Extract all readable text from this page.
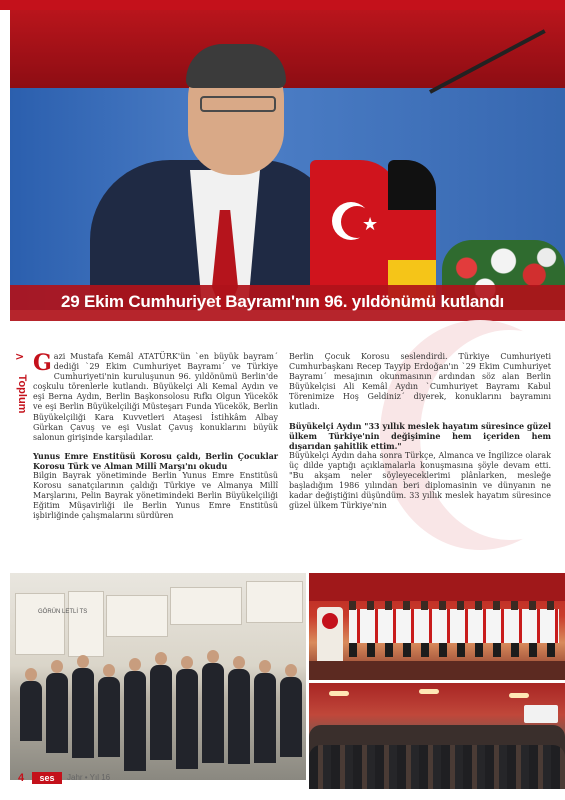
★
29 Ekim Cumhuriyet Bayramı'nın 96. yıldönümü kutlandı
>
Toplum

Gazi Mustafa Kemâl ATATÜRK'ün `en büyük bayram´ dediği `29 Ekim Cumhuriyet Bayramı´ ve Türkiye Cumhuriyeti'nin kuruluşunun 96. yıldönümü Berlin'de coşkulu törenlerle kutlandı. Büyükelçi Ali Kemal Aydın ve eşi Berna Aydın, Berlin Başkonsolosu Rıfkı Olgun Yücekök ve eşi Berlin Büyükelçiliği Müsteşarı Funda Yücekök, Berlin Büyükelçiliği Kara Kuvvetleri Ataşesi İstihkâm Albay Gürkan Çavuş ve eşi Vuslat Çavuş konuklarını büyük salonun girişinde karşıladılar.

Yunus Emre Enstitüsü Korosu çaldı, Berlin Çocuklar Korosu Türk ve Alman Millî Marşı'nı okudu

Bilgin Bayrak yönetiminde Berlin Yunus Emre Enstitüsü Korosu sanatçılarının çaldığı Türkiye ve Almanya Millî Marşlarını, Pelin Bayrak yönetimindeki Berlin Büyükelçiliği Eğitim Müşavirliği ile Berlin Yunus Emre Enstitüsü işbirliğinde çalışmalarını sürdüren

Berlin Çocuk Korosu seslendirdi. Türkiye Cumhuriyeti Cumhurbaşkanı Recep Tayyip Erdoğan'ın `29 Ekim Cumhuriyet Bayramı´ mesajının okunmasının ardından söz alan Berlin Büyükelçisi Ali Kemâl Aydın `Cumhuriyet Bayramı Kabul Törenimize Hoş Geldiniz´ diyerek, konuklarını bayramını kutladı.

Büyükelçi Aydın "33 yıllık meslek hayatım süresince güzel ülkem Türkiye'nin değişimine hem içeriden hem dışarıdan şahitlik ettim."

Büyükelçi Aydın daha sonra Türkçe, Almanca ve İngilizce olarak üç dilde yaptığı açıklamalarla konuşmasına şöyle devam etti. "Bu akşam neler söyleyeceklerimi plânlarken, mesleğe başladığım 1986 yılından beri diplomasinin ve dünyanın ne kadar değiştiğini düşündüm. 33 yıllık meslek hayatım süresince güzel ülkem Türkiye'nin

GÖRÜN LETLİ TS
4	ses	Jahr • Yıl 16
